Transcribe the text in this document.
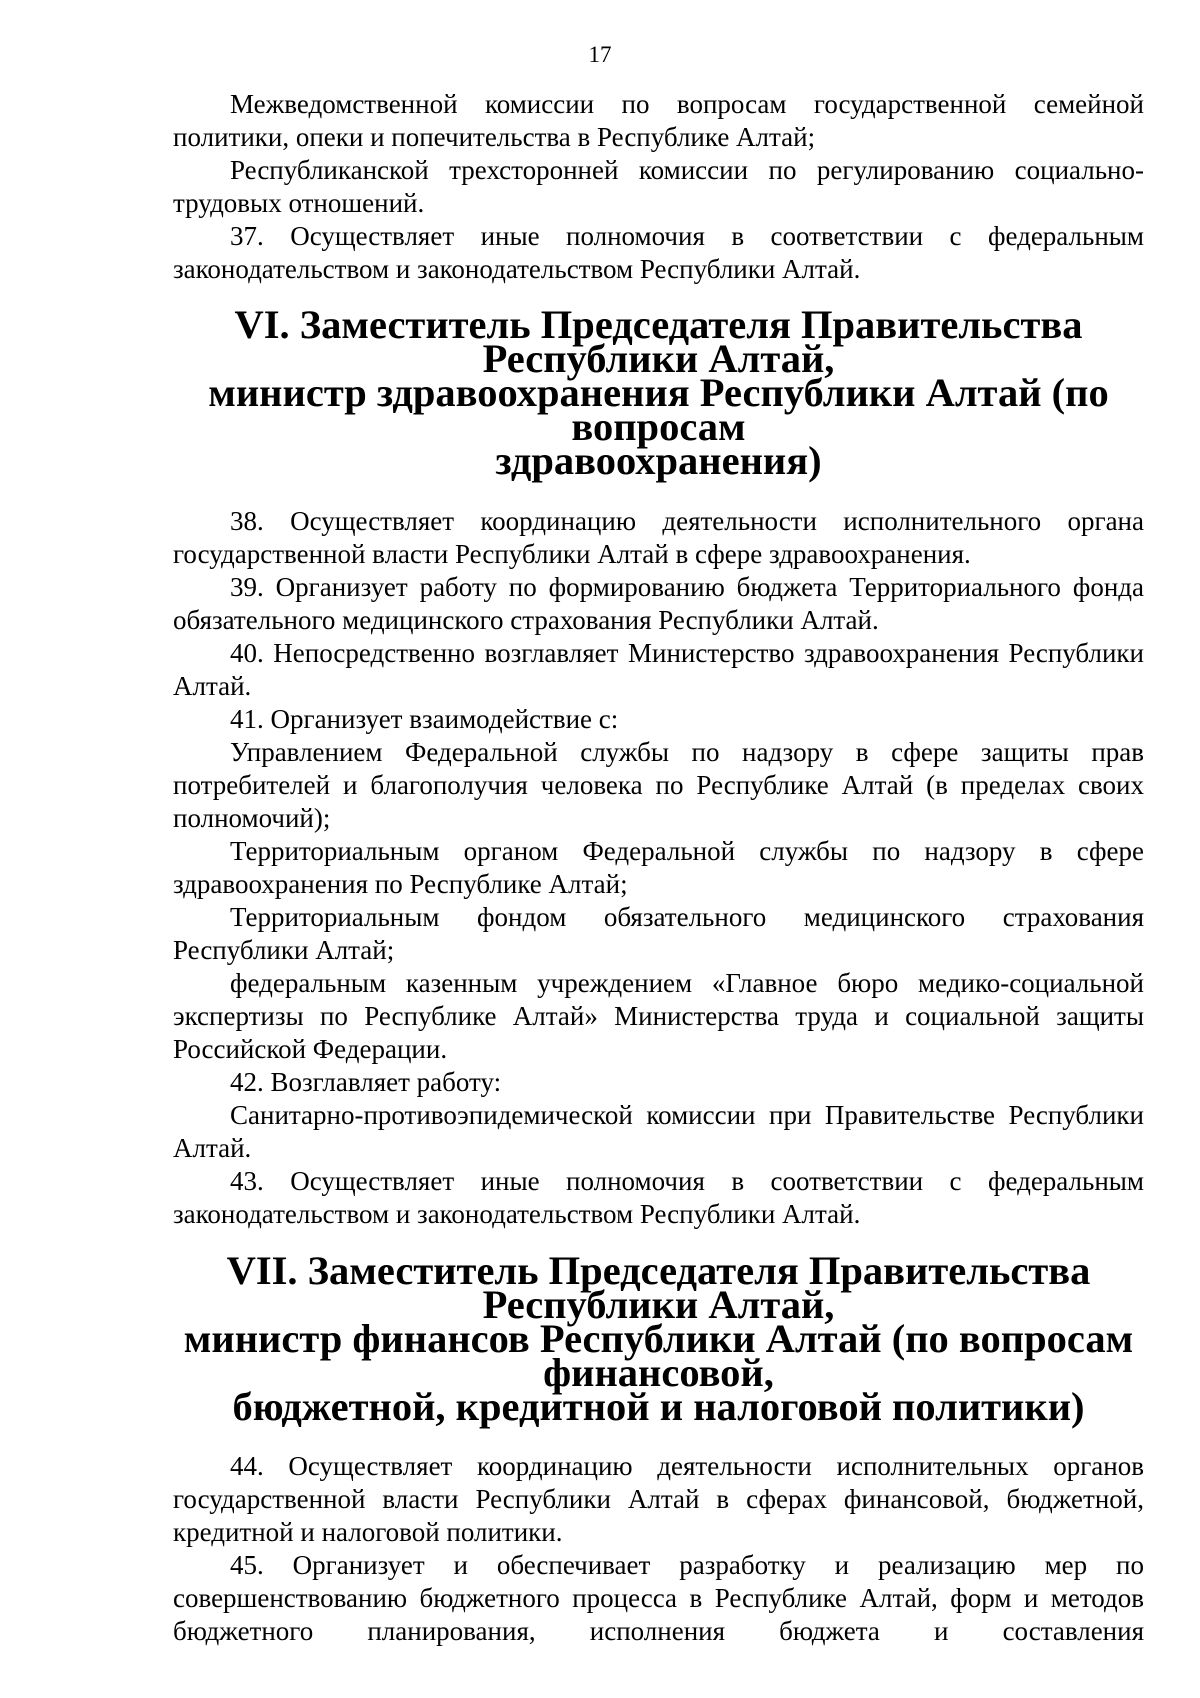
17

Межведомственной комиссии по вопросам государственной семейной политики, опеки и попечительства в Республике Алтай;

Республиканской трехсторонней комиссии по регулированию социально-трудовых отношений.

37. Осуществляет иные полномочия в соответствии с федеральным законодательством и законодательством Республики Алтай.

VI. Заместитель Председателя Правительства Республики Алтай,
министр здравоохранения Республики Алтай (по вопросам
здравоохранения)

38. Осуществляет координацию деятельности исполнительного органа государственной власти Республики Алтай в сфере здравоохранения.

39. Организует работу по формированию бюджета Территориального фонда обязательного медицинского страхования Республики Алтай.

40. Непосредственно возглавляет Министерство здравоохранения Республики Алтай.

41. Организует взаимодействие с:

Управлением Федеральной службы по надзору в сфере защиты прав потребителей и благополучия человека по Республике Алтай (в пределах своих полномочий);

Территориальным органом Федеральной службы по надзору в сфере здравоохранения по Республике Алтай;

Территориальным фондом обязательного медицинского страхования Республики Алтай;

федеральным казенным учреждением «Главное бюро медико-социальной экспертизы по Республике Алтай» Министерства труда и социальной защиты Российской Федерации.

42. Возглавляет работу:

Санитарно-противоэпидемической комиссии при Правительстве Республики Алтай.

43. Осуществляет иные полномочия в соответствии с федеральным законодательством и законодательством Республики Алтай.

VII. Заместитель Председателя Правительства Республики Алтай,
министр финансов Республики Алтай (по вопросам финансовой,
бюджетной, кредитной и налоговой политики)

44. Осуществляет координацию деятельности исполнительных органов государственной власти Республики Алтай в сферах финансовой, бюджетной, кредитной и налоговой политики.

45. Организует и обеспечивает разработку и реализацию мер по совершенствованию бюджетного процесса в Республике Алтай, форм и методов бюджетного планирования, исполнения бюджета и составления
